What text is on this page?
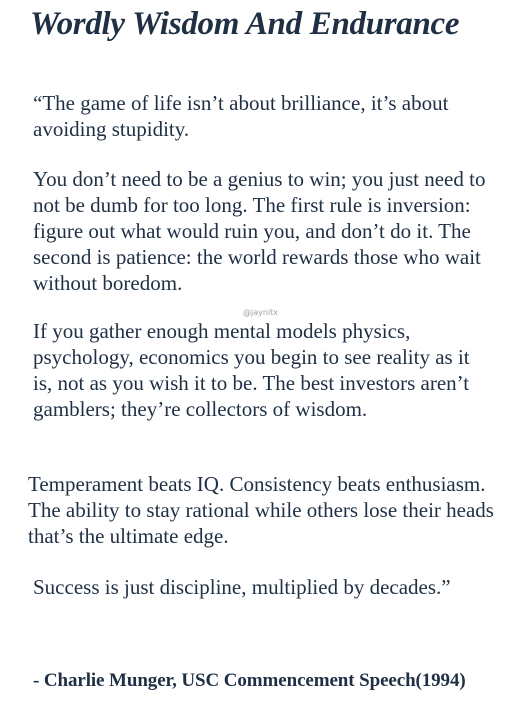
Wordly Wisdom And Endurance

“The game of life isn’t about brilliance, it’s about avoiding stupidity.

You don’t need to be a genius to win; you just need to not be dumb for too long. The first rule is inversion: figure out what would ruin you, and don’t do it. The second is patience: the world rewards those who wait without boredom.

@jaynitx

If you gather enough mental models physics, psychology, economics you begin to see reality as it is, not as you wish it to be. The best investors aren’t gamblers; they’re collectors of wisdom.

Temperament beats IQ. Consistency beats enthusiasm. The ability to stay rational while others lose their heads that’s the ultimate edge.

Success is just discipline, multiplied by decades.”

- Charlie Munger, USC Commencement Speech(1994)
